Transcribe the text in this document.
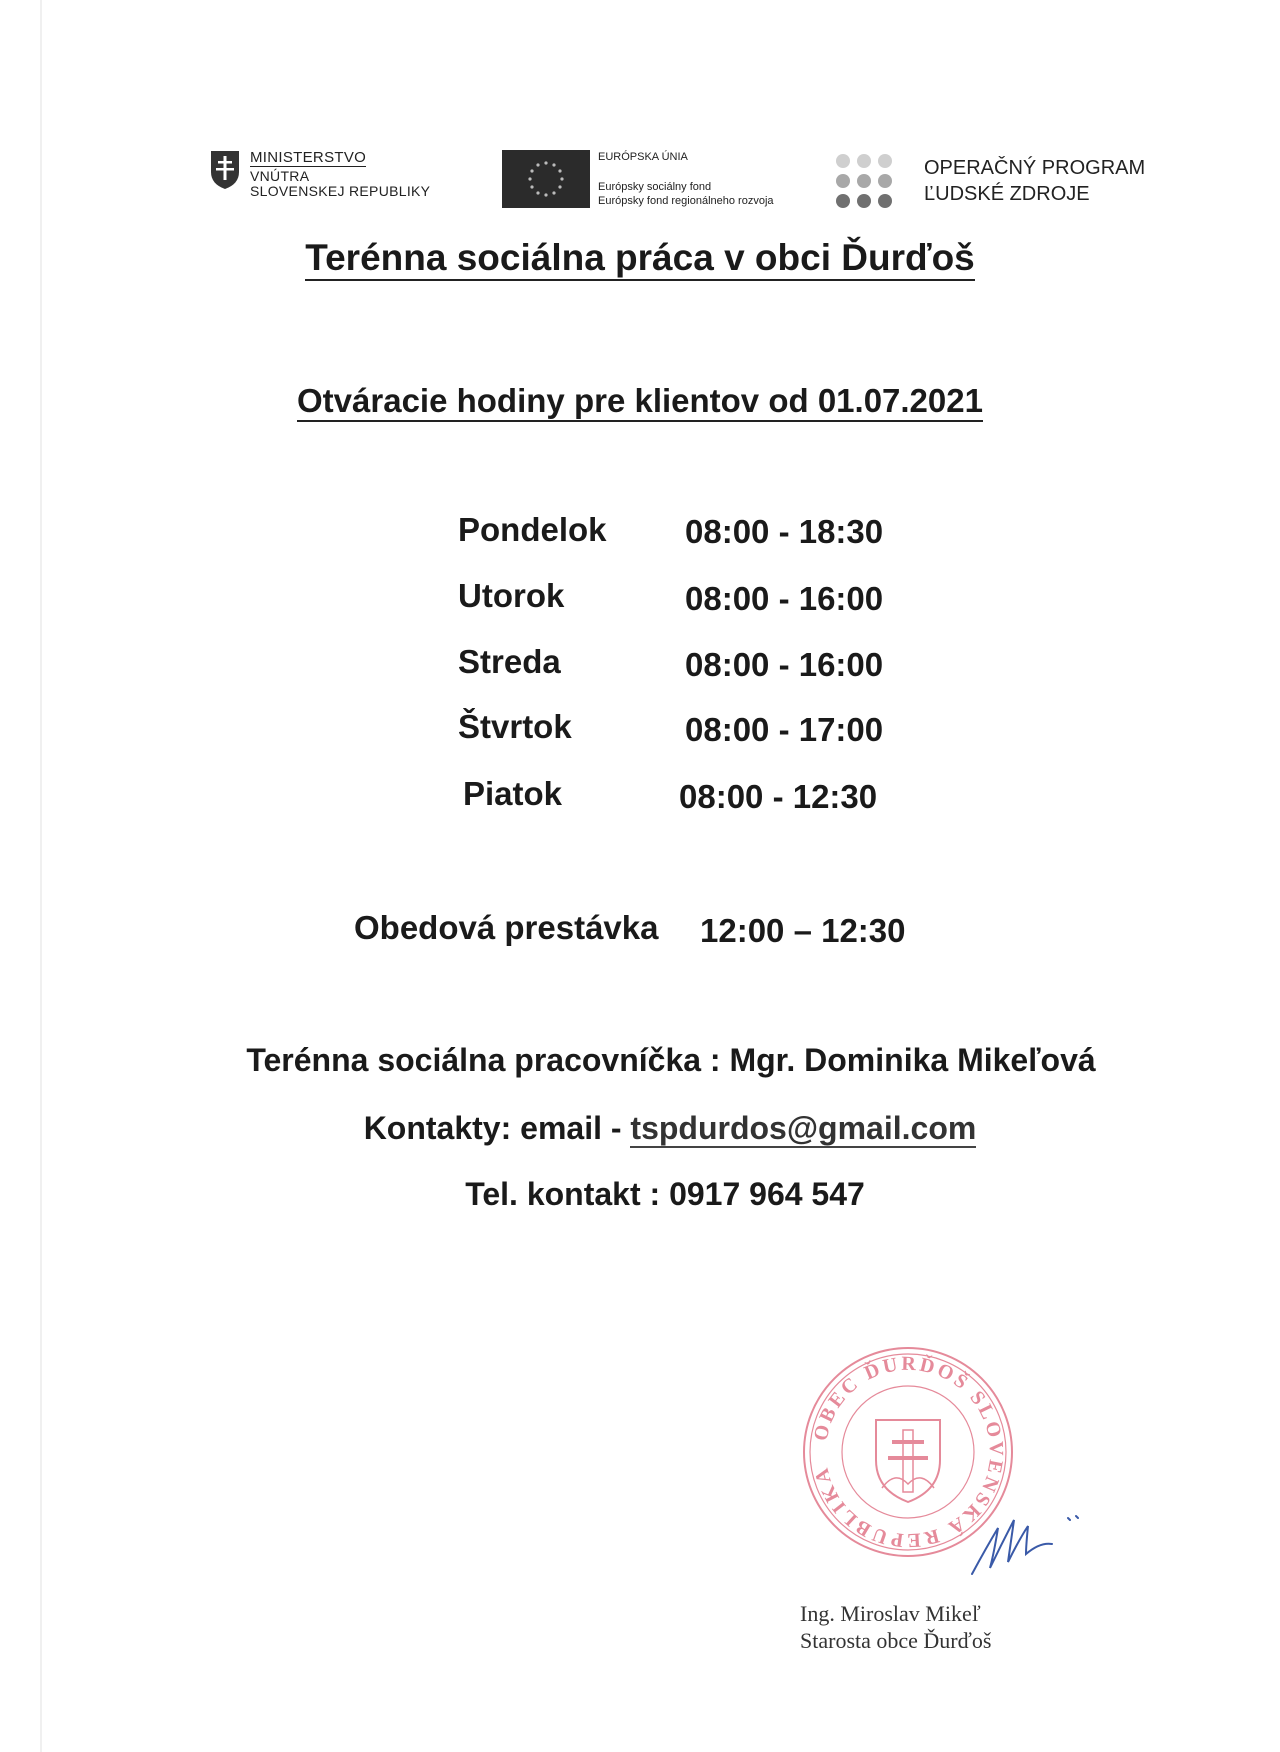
MINISTERSTVO
VNÚTRA
SLOVENSKEJ REPUBLIKY
EURÓPSKA ÚNIA
Európsky sociálny fond
Európsky fond regionálneho rozvoja
OPERAČNÝ PROGRAM
ĽUDSKÉ ZDROJE
Terénna sociálna práca v obci Ďurďoš
Otváracie hodiny pre klientov od 01.07.2021
Pondelok 08:00 - 18:30
Utorok	08:00 - 16:00
Streda	08:00 - 16:00
Štvrtok	08:00 - 17:00
Piatok	08:00 - 12:30
Obedová prestávka 12:00 – 12:30
Terénna sociálna pracovníčka : Mgr. Dominika Mikeľová
Kontakty: email - tspdurdos@gmail.com
Tel. kontakt : 0917 964 547
OBEC ĎURĎOŠ SLOVENSKÁ REPUBLIKA
Ing. Miroslav Mikeľ
Starosta obce Ďurďoš
